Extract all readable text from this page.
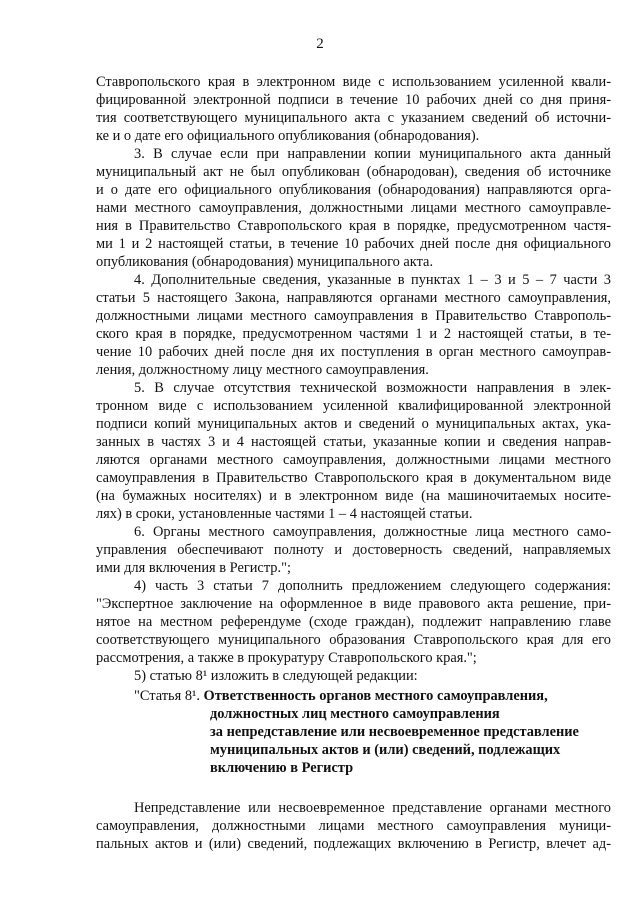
2
Ставропольского края в электронном виде с использованием усиленной квали-
фицированной электронной подписи в течение 10 рабочих дней со дня приня-
тия соответствующего муниципального акта с указанием сведений об источни-
ке и о дате его официального опубликования (обнародования).
3. В случае если при направлении копии муниципального акта данный
муниципальный акт не был опубликован (обнародован), сведения об источнике
и о дате его официального опубликования (обнародования) направляются орга-
нами местного самоуправления, должностными лицами местного самоуправле-
ния в Правительство Ставропольского края в порядке, предусмотренном частя-
ми 1 и 2 настоящей статьи, в течение 10 рабочих дней после дня официального
опубликования (обнародования) муниципального акта.
4. Дополнительные сведения, указанные в пунктах 1 – 3 и 5 – 7 части 3
статьи 5 настоящего Закона, направляются органами местного самоуправления,
должностными лицами местного самоуправления в Правительство Ставрополь-
ского края в порядке, предусмотренном частями 1 и 2 настоящей статьи, в те-
чение 10 рабочих дней после дня их поступления в орган местного самоуправ-
ления, должностному лицу местного самоуправления.
5. В случае отсутствия технической возможности направления в элек-
тронном виде с использованием усиленной квалифицированной электронной
подписи копий муниципальных актов и сведений о муниципальных актах, ука-
занных в частях 3 и 4 настоящей статьи, указанные копии и сведения направ-
ляются органами местного самоуправления, должностными лицами местного
самоуправления в Правительство Ставропольского края в документальном виде
(на бумажных носителях) и в электронном виде (на машиночитаемых носите-
лях) в сроки, установленные частями 1 – 4 настоящей статьи.
6. Органы местного самоуправления, должностные лица местного само-
управления обеспечивают полноту и достоверность сведений, направляемых
ими для включения в Регистр.";
4) часть 3 статьи 7 дополнить предложением следующего содержания:
"Экспертное заключение на оформленное в виде правового акта решение, при-
нятое на местном референдуме (сходе граждан), подлежит направлению главе
соответствующего муниципального образования Ставропольского края для его
рассмотрения, а также в прокуратуру Ставропольского края.";
5) статью 8¹ изложить в следующей редакции:
"Статья 8¹. Ответственность органов местного самоуправления,
должностных лиц местного самоуправления
за непредставление или несвоевременное представление
муниципальных актов и (или) сведений, подлежащих
включению в Регистр
Непредставление или несвоевременное представление органами местного
самоуправления, должностными лицами местного самоуправления муници-
пальных актов и (или) сведений, подлежащих включению в Регистр, влечет ад-
